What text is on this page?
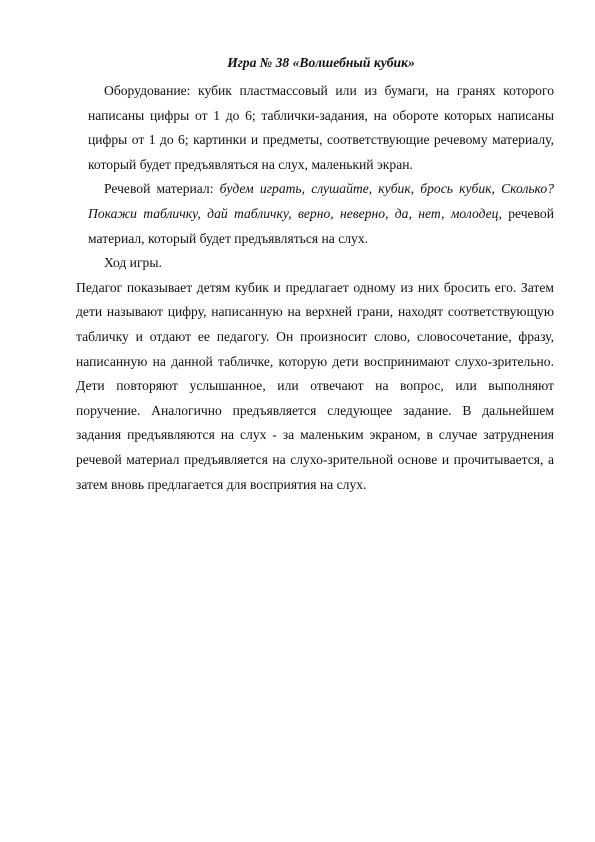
Игра № 38 «Волшебный кубик»

Оборудование: кубик пластмассовый или из бумаги, на гранях которого написаны цифры от 1 до 6; таблички-задания, на обороте которых написаны цифры от 1 до 6; картинки и предметы, соответствующие речевому материалу, который будет предъявляться на слух, маленький экран.

Речевой материал: будем играть, слушайте, кубик, брось кубик, Сколько? Покажи табличку, дай табличку, верно, неверно, да, нет, молодец, речевой материал, который будет предъявляться на слух.

Ход игры.

Педагог показывает детям кубик и предлагает одному из них бросить его. Затем дети называют цифру, написанную на верхней грани, находят соответствующую табличку и отдают ее педагогу. Он произносит слово, словосочетание, фразу, написанную на данной табличке, которую дети воспринимают слухо-зрительно. Дети повторяют услышанное, или отвечают на вопрос, или выполняют поручение. Аналогично предъявляется следующее задание. В дальнейшем задания предъявляются на слух - за маленьким экраном, в случае затруднения речевой материал предъявляется на слухо-зрительной основе и прочитывается, а затем вновь предлагается для восприятия на слух.
